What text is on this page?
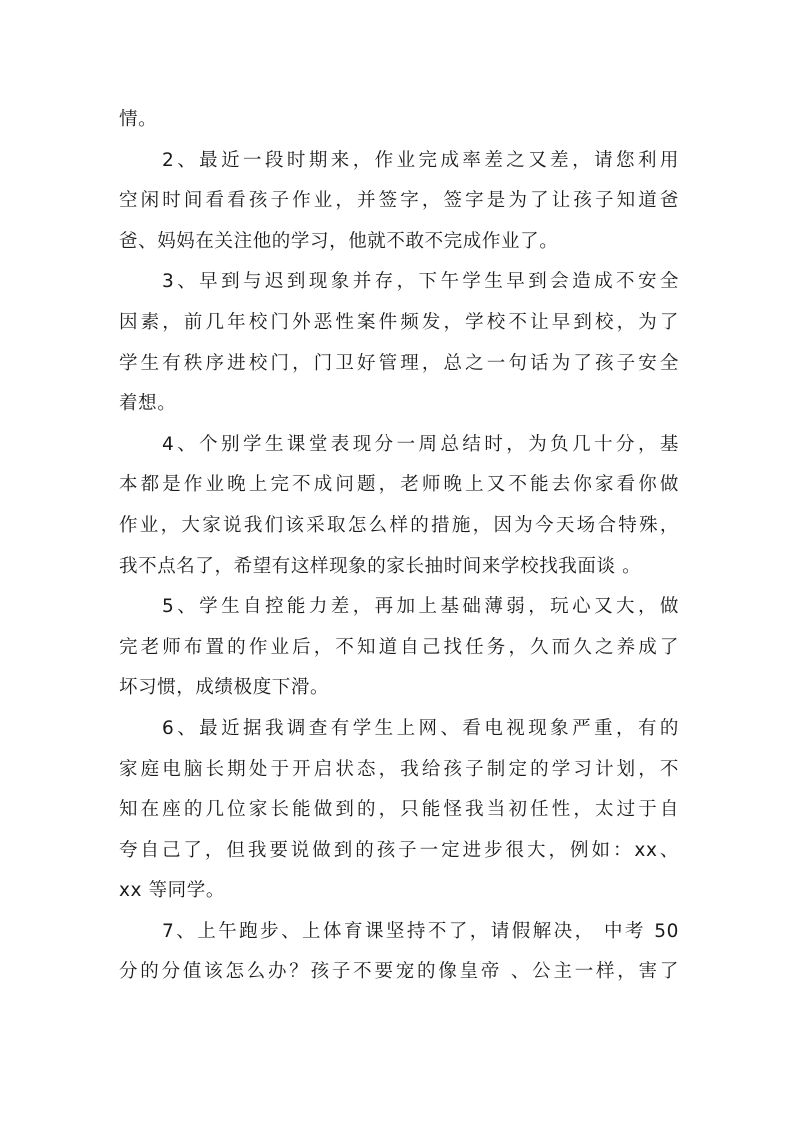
情。
2、最近一段时期来，作业完成率差之又差，请您利用
空闲时间看看孩子作业，并签字，签字是为了让孩子知道爸
爸、妈妈在关注他的学习，他就不敢不完成作业了。
3、早到与迟到现象并存，下午学生早到会造成不安全
因素，前几年校门外恶性案件频发，学校不让早到校，为了
学生有秩序进校门，门卫好管理，总之一句话为了孩子安全
着想。
4、个别学生课堂表现分一周总结时，为负几十分，基
本都是作业晚上完不成问题，老师晚上又不能去你家看你做
作业，大家说我们该采取怎么样的措施，因为今天场合特殊，
我不点名了，希望有这样现象的家长抽时间来学校找我面谈 。
5、学生自控能力差，再加上基础薄弱，玩心又大，做
完老师布置的作业后，不知道自己找任务，久而久之养成了
坏习惯，成绩极度下滑。
6、最近据我调查有学生上网、看电视现象严重，有的
家庭电脑长期处于开启状态，我给孩子制定的学习计划，不
知在座的几位家长能做到的，只能怪我当初任性，太过于自
夸自己了，但我要说做到的孩子一定进步很大，例如：xx、
xx 等同学。
7、上午跑步、上体育课坚持不了，请假解决， 中考 50
分的分值该怎么办？孩子不要宠的像皇帝 、公主一样，害了
